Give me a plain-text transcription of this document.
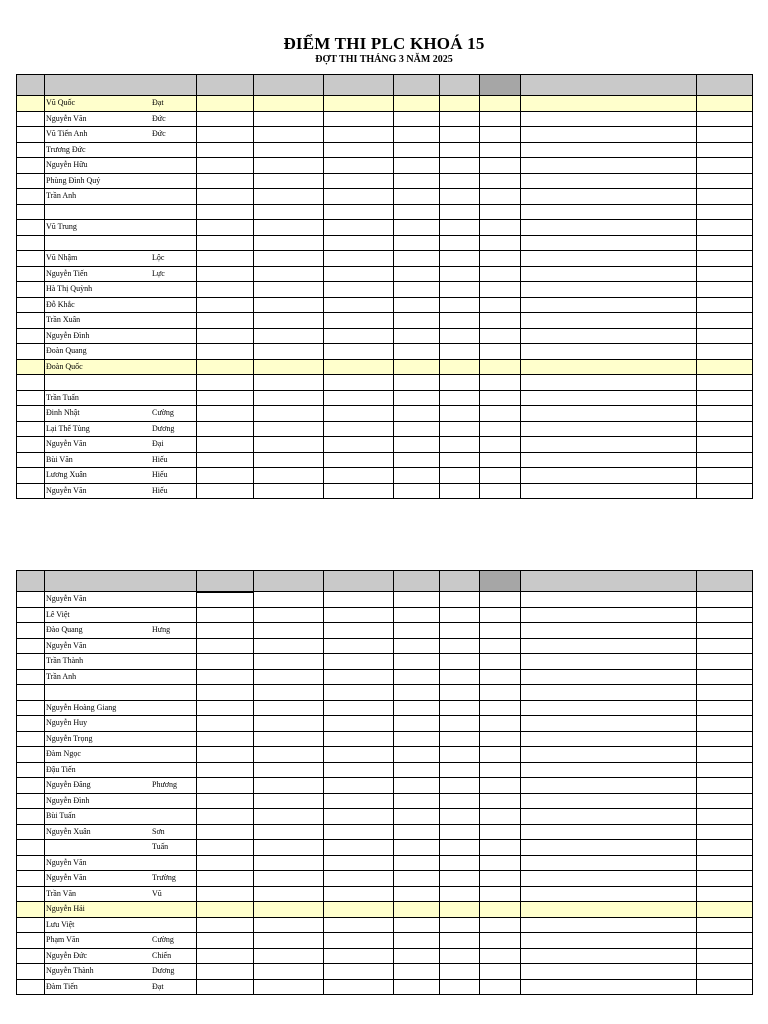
ĐIỂM THI PLC KHOÁ 15
ĐỢT THI THÁNG 3 NĂM 2025

	Vũ Quốc Đạt								

	Nguyễn Văn Đức								

	Vũ Tiến Anh Đức								

	Trương Đức								

	Nguyễn Hữu								

	Phùng Đình Quý								

	Trần Anh								

	Vũ Trung								

	Vũ Nhậm Lộc								

	Nguyễn Tiến Lực								

	Hà Thị Quỳnh								

	Đỗ Khắc								

	Trần Xuân								

	Nguyễn Đình								

	Đoàn Quang								

	Đoàn Quốc								

	Trần Tuấn								

	Đinh Nhật Cường								

	Lại Thế Tùng Dương								

	Nguyễn Văn Đại								

	Bùi Văn Hiếu								

	Lương Xuân Hiếu								

	Nguyễn Văn Hiếu								

	Nguyễn Văn								

	Lê Việt								

	Đào Quang Hưng								

	Nguyễn Văn								

	Trần Thành								

	Trần Anh								

	Nguyễn Hoàng Giang								

	Nguyễn Huy								

	Nguyễn Trọng								

	Đàm Ngọc								

	Đậu Tiến								

	Nguyễn Đăng Phương								

	Nguyễn Đình								

	Bùi Tuấn								

	Nguyễn Xuân Sơn								

	Tuấn								

	Nguyễn Văn								

	Nguyễn Văn Trường								

	Trần Văn Vũ								

	Nguyễn Hải								

	Lưu Việt								

	Phạm Văn Cường								

	Nguyễn Đức Chiến								

	Nguyễn Thành Dương								

	Đàm Tiến Đạt								
